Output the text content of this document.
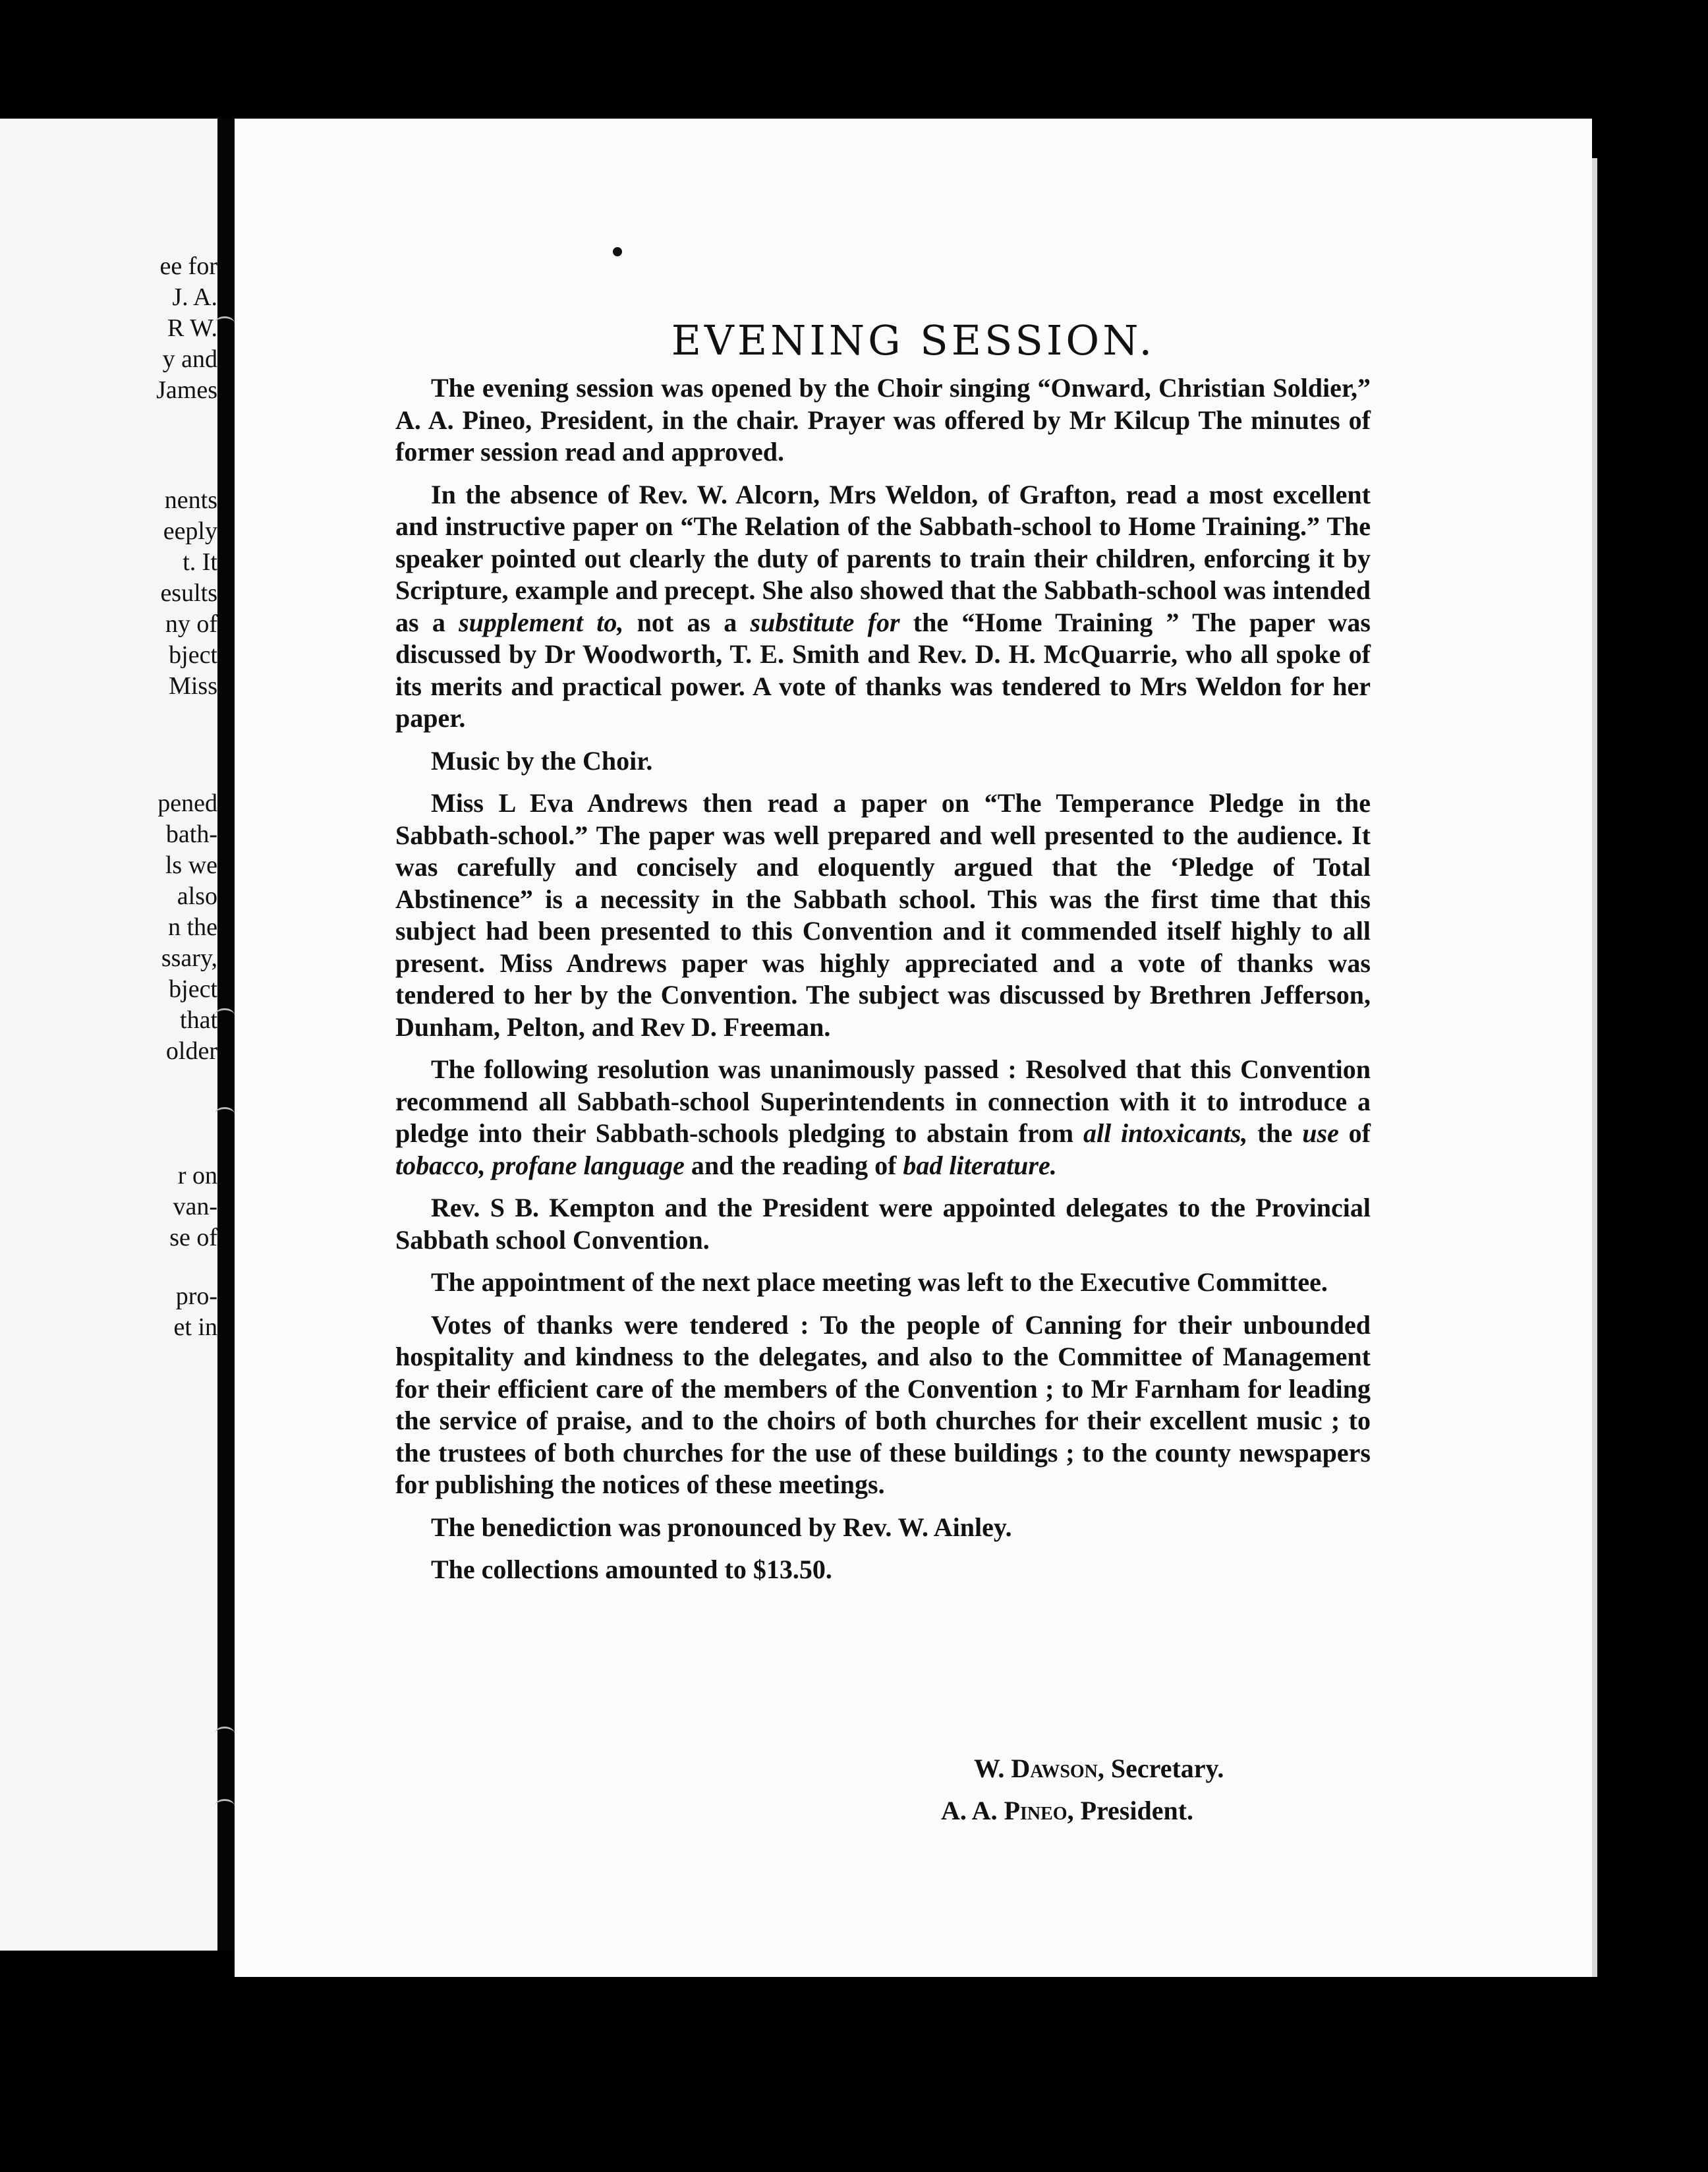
ee for
J. A.
R W.
y and
James
nents
eeply
t. It
esults
ny of
bject
Miss
pened
bath-
ls we
also
n the
ssary,
bject
that
older
r on
van-
se of
pro-
et in
EVENING SESSION.

The evening session was opened by the Choir singing “Onward, Christian Soldier,” A. A. Pineo, President, in the chair. Prayer was offered by Mr Kilcup The minutes of former session read and approved.

In the absence of Rev. W. Alcorn, Mrs Weldon, of Grafton, read a most excellent and instructive paper on “The Relation of the Sabbath-school to Home Training.” The speaker pointed out clearly the duty of parents to train their children, enforcing it by Scripture, example and precept. She also showed that the Sabbath-school was intended as a supplement to, not as a substitute for the “Home Training ” The paper was discussed by Dr Woodworth, T. E. Smith and Rev. D. H. McQuarrie, who all spoke of its merits and practical power. A vote of thanks was tendered to Mrs Weldon for her paper.

Music by the Choir.

Miss L Eva Andrews then read a paper on “The Temperance Pledge in the Sabbath-school.” The paper was well prepared and well presented to the audience. It was carefully and concisely and eloquently argued that the ‘Pledge of Total Abstinence” is a necessity in the Sabbath school. This was the first time that this subject had been presented to this Convention and it commended itself highly to all present. Miss Andrews paper was highly appreciated and a vote of thanks was tendered to her by the Convention. The subject was discussed by Brethren Jefferson, Dunham, Pelton, and Rev D. Freeman.

The following resolution was unanimously passed : Resolved that this Convention recommend all Sabbath-school Superintendents in connection with it to introduce a pledge into their Sabbath-schools pledging to abstain from all intoxicants, the use of tobacco, profane language and the reading of bad literature.

Rev. S B. Kempton and the President were appointed delegates to the Provincial Sabbath school Convention.

The appointment of the next place meeting was left to the Executive Committee.

Votes of thanks were tendered : To the people of Canning for their unbounded hospitality and kindness to the delegates, and also to the Committee of Management for their efficient care of the members of the Convention ; to Mr Farnham for leading the service of praise, and to the choirs of both churches for their excellent music ; to the trustees of both churches for the use of these buildings ; to the county newspapers for publishing the notices of these meetings.

The benediction was pronounced by Rev. W. Ainley.

The collections amounted to $13.50.

W. Dawson, Secretary.
A. A. Pineo, President.
